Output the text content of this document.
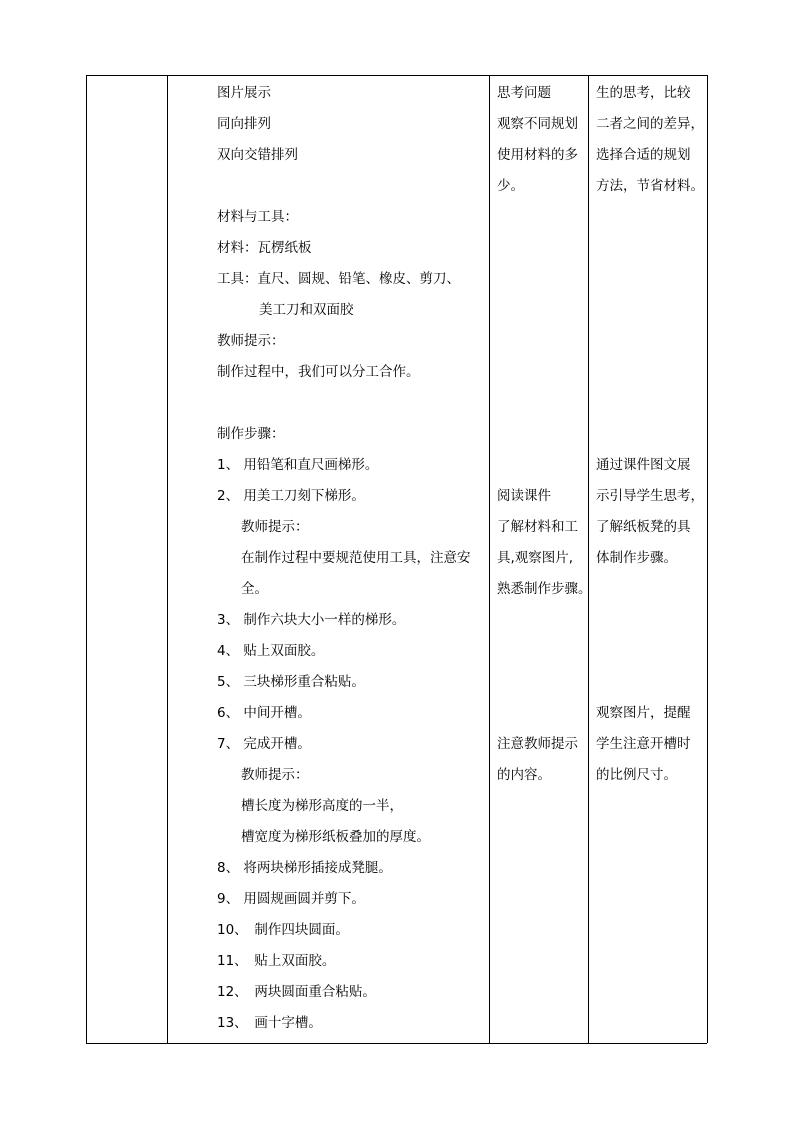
图片展示
同向排列
双向交错排列
材料与工具：
材料：瓦楞纸板
工具：直尺、圆规、铅笔、橡皮、剪刀、
美工刀和双面胶
教师提示：
制作过程中，我们可以分工合作。
制作步骤：
1、 用铅笔和直尺画梯形。
2、 用美工刀刻下梯形。
教师提示：
在制作过程中要规范使用工具，注意安
全。
3、 制作六块大小一样的梯形。
4、 贴上双面胶。
5、 三块梯形重合粘贴。
6、 中间开槽。
7、 完成开槽。
教师提示：
槽长度为梯形高度的一半，
槽宽度为梯形纸板叠加的厚度。
8、 将两块梯形插接成凳腿。
9、 用圆规画圆并剪下。
10、　制作四块圆面。
11、　贴上双面胶。
12、　两块圆面重合粘贴。
13、　画十字槽。
思考问题
观察不同规划
使用材料的多
少。
阅读课件
了解材料和工
具,观察图片,
熟悉制作步骤。
注意教师提示
的内容。
生的思考，比较
二者之间的差异，
选择合适的规划
方法，节省材料。
通过课件图文展
示引导学生思考，
了解纸板凳的具
体制作步骤。
观察图片，提醒
学生注意开槽时
的比例尺寸。
